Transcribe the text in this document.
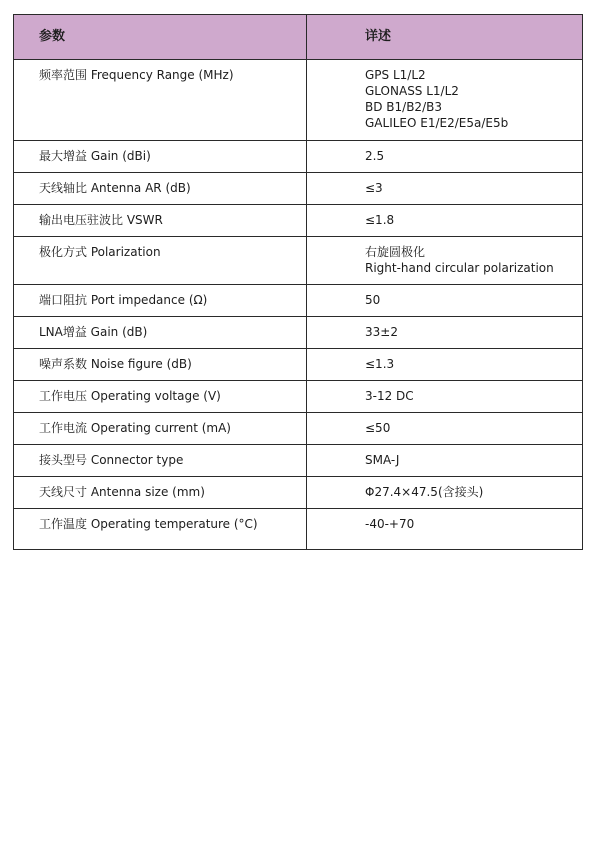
参数	详述
频率范围 Frequency Range (MHz)	GPS L1/L2
GLONASS L1/L2
BD B1/B2/B3
GALILEO E1/E2/E5a/E5b

最大增益 Gain (dBi)	2.5
天线轴比 Antenna AR (dB)	≤3
输出电压驻波比 VSWR	≤1.8
极化方式 Polarization	右旋圆极化
Right-hand circular polarization

端口阻抗 Port impedance (Ω)	50
LNA增益 Gain (dB)	33±2
噪声系数 Noise figure (dB)	≤1.3
工作电压 Operating voltage (V)	3-12 DC
工作电流 Operating current (mA)	≤50
接头型号 Connector type	SMA-J
天线尺寸 Antenna size (mm)	Φ27.4×47.5(含接头)
工作温度 Operating temperature (°C)	-40-+70
